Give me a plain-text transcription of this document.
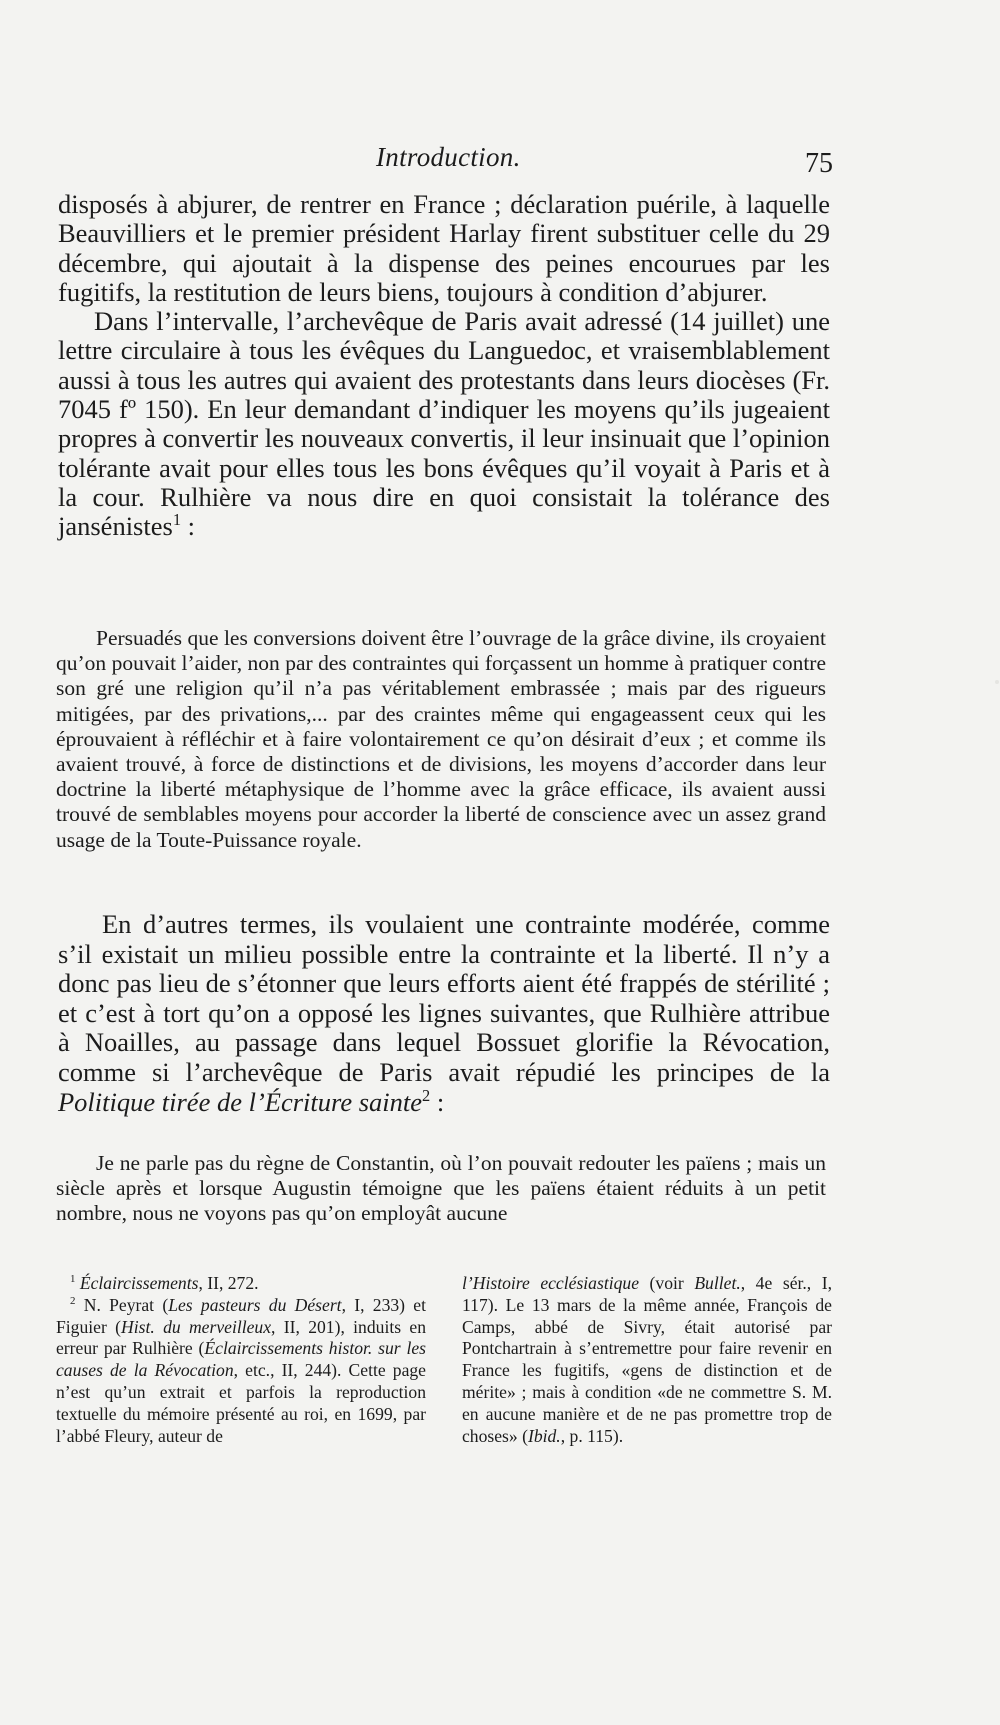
Introduction.	75

disposés à abjurer, de rentrer en France ; déclaration puérile, à laquelle Beauvilliers et le premier président Harlay firent substituer celle du 29 décembre, qui ajoutait à la dispense des peines encourues par les fugitifs, la restitution de leurs biens, toujours à condition d’abjurer.

Dans l’intervalle, l’archevêque de Paris avait adressé (14 juillet) une lettre circulaire à tous les évêques du Languedoc, et vraisemblablement aussi à tous les autres qui avaient des protestants dans leurs diocèses (Fr. 7045 fº 150). En leur demandant d’indiquer les moyens qu’ils jugeaient propres à convertir les nouveaux convertis, il leur insinuait que l’opinion tolérante avait pour elles tous les bons évêques qu’il voyait à Paris et à la cour. Rulhière va nous dire en quoi consistait la tolérance des jansénistes$^1$ :

Persuadés que les conversions doivent être l’ouvrage de la grâce divine, ils croyaient qu’on pouvait l’aider, non par des contraintes qui forçassent un homme à pratiquer contre son gré une religion qu’il n’a pas véritablement embrassée ; mais par des rigueurs mitigées, par des privations,... par des craintes même qui engageassent ceux qui les éprouvaient à réfléchir et à faire volontairement ce qu’on désirait d’eux ; et comme ils avaient trouvé, à force de distinctions et de divisions, les moyens d’accorder dans leur doctrine la liberté métaphysique de l’homme avec la grâce efficace, ils avaient aussi trouvé de semblables moyens pour accorder la liberté de conscience avec un assez grand usage de la Toute-Puissance royale.

En d’autres termes, ils voulaient une contrainte modérée, comme s’il existait un milieu possible entre la contrainte et la liberté. Il n’y a donc pas lieu de s’étonner que leurs efforts aient été frappés de stérilité ; et c’est à tort qu’on a opposé les lignes suivantes, que Rulhière attribue à Noailles, au passage dans lequel Bossuet glorifie la Révocation, comme si l’archevêque de Paris avait répudié les principes de la Politique tirée de l’Écriture sainte$^2$ :

Je ne parle pas du règne de Constantin, où l’on pouvait redouter les païens ; mais un siècle après et lorsque Augustin témoigne que les païens étaient réduits à un petit nombre, nous ne voyons pas qu’on employât aucune

$^1$ Éclaircissements, II, 272.

$^2$ N. Peyrat (Les pasteurs du Désert, I, 233) et Figuier (Hist. du merveilleux, II, 201), induits en erreur par Rulhière (Éclaircissements histor. sur les causes de la Révocation, etc., II, 244). Cette page n’est qu’un extrait et parfois la reproduction textuelle du mémoire présenté au roi, en 1699, par l’abbé Fleury, auteur de

l’Histoire ecclésiastique (voir Bullet., 4e sér., I, 117). Le 13 mars de la même année, François de Camps, abbé de Sivry, était autorisé par Pontchartrain à s’entremettre pour faire revenir en France les fugitifs, «gens de distinction et de mérite» ; mais à condition «de ne commettre S. M. en aucune manière et de ne pas promettre trop de choses» (Ibid., p. 115).
